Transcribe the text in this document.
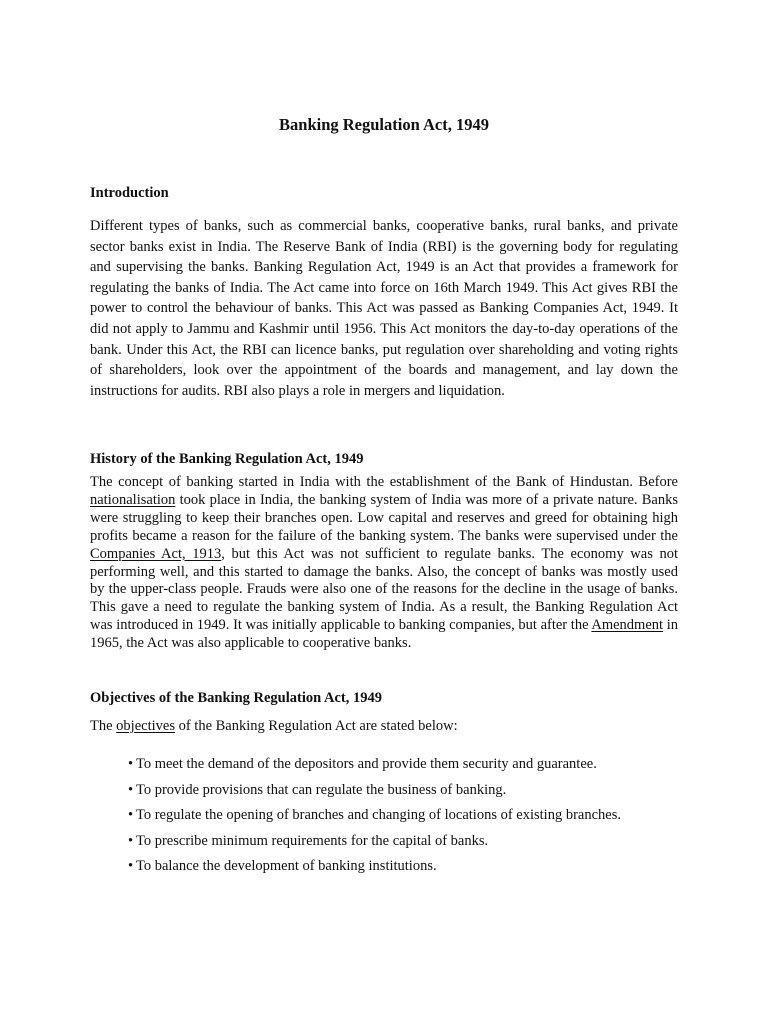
Banking Regulation Act, 1949
Introduction

Different types of banks, such as commercial banks, cooperative banks, rural banks, and private sector banks exist in India. The Reserve Bank of India (RBI) is the governing body for regulating and supervising the banks. Banking Regulation Act, 1949 is an Act that provides a framework for regulating the banks of India. The Act came into force on 16th March 1949. This Act gives RBI the power to control the behaviour of banks. This Act was passed as Banking Companies Act, 1949. It did not apply to Jammu and Kashmir until 1956. This Act monitors the day-to-day operations of the bank. Under this Act, the RBI can licence banks, put regulation over shareholding and voting rights of shareholders, look over the appointment of the boards and management, and lay down the instructions for audits. RBI also plays a role in mergers and liquidation.

History of the Banking Regulation Act, 1949

The concept of banking started in India with the establishment of the Bank of Hindustan. Before nationalisation took place in India, the banking system of India was more of a private nature. Banks were struggling to keep their branches open. Low capital and reserves and greed for obtaining high profits became a reason for the failure of the banking system. The banks were supervised under the Companies Act, 1913, but this Act was not sufficient to regulate banks. The economy was not performing well, and this started to damage the banks. Also, the concept of banks was mostly used by the upper-class people. Frauds were also one of the reasons for the decline in the usage of banks. This gave a need to regulate the banking system of India. As a result, the Banking Regulation Act was introduced in 1949. It was initially applicable to banking companies, but after the Amendment in 1965, the Act was also applicable to cooperative banks.

Objectives of the Banking Regulation Act, 1949

The objectives of the Banking Regulation Act are stated below:

• To meet the demand of the depositors and provide them security and guarantee.
• To provide provisions that can regulate the business of banking.
• To regulate the opening of branches and changing of locations of existing branches.
• To prescribe minimum requirements for the capital of banks.
• To balance the development of banking institutions.
